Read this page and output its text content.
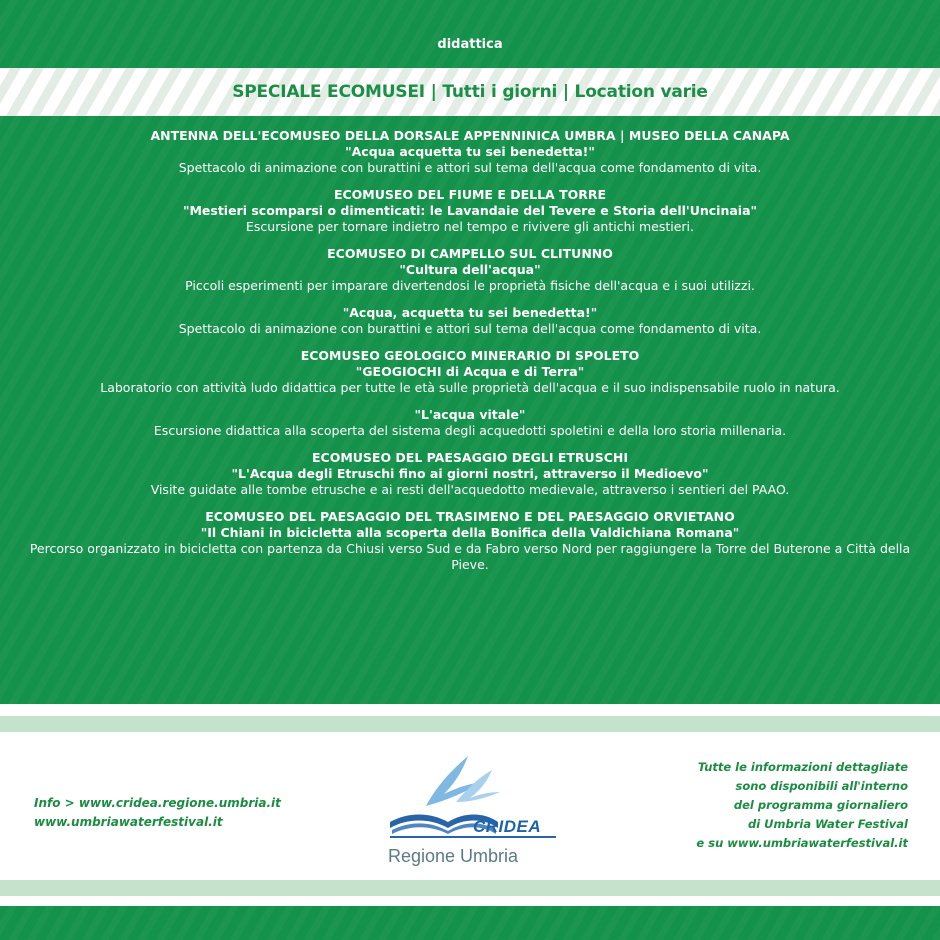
didattica
SPECIALE ECOMUSEI | Tutti i giorni | Location varie
ANTENNA DELL'ECOMUSEO DELLA DORSALE APPENNINICA UMBRA | MUSEO DELLA CANAPA
"Acqua acquetta tu sei benedetta!"
Spettacolo di animazione con burattini e attori sul tema dell'acqua come fondamento di vita.
ECOMUSEO DEL FIUME E DELLA TORRE
"Mestieri scomparsi o dimenticati: le Lavandaie del Tevere e Storia dell'Uncinaia"
Escursione per tornare indietro nel tempo e rivivere gli antichi mestieri.
ECOMUSEO DI CAMPELLO SUL CLITUNNO
"Cultura dell'acqua"
Piccoli esperimenti per imparare divertendosi le proprietà fisiche dell'acqua e i suoi utilizzi.
"Acqua, acquetta tu sei benedetta!"
Spettacolo di animazione con burattini e attori sul tema dell'acqua come fondamento di vita.
ECOMUSEO GEOLOGICO MINERARIO DI SPOLETO
"GEOGIOCHI di Acqua e di Terra"
Laboratorio con attività ludo didattica per tutte le età sulle proprietà dell'acqua e il suo indispensabile ruolo in natura.
"L'acqua vitale"
Escursione didattica alla scoperta del sistema degli acquedotti spoletini e della loro storia millenaria.
ECOMUSEO DEL PAESAGGIO DEGLI ETRUSCHI
"L'Acqua degli Etruschi fino ai giorni nostri, attraverso il Medioevo"
Visite guidate alle tombe etrusche e ai resti dell'acquedotto medievale, attraverso i sentieri del PAAO.
ECOMUSEO DEL PAESAGGIO DEL TRASIMENO E DEL PAESAGGIO ORVIETANO
"Il Chiani in bicicletta alla scoperta della Bonifica della Valdichiana Romana"
Percorso organizzato in bicicletta con partenza da Chiusi verso Sud e da Fabro verso Nord per raggiungere la Torre del Buterone a Città della Pieve.
Info > www.cridea.regione.umbria.it
www.umbriawaterfestival.it	CRIDEA
Regione Umbria
Tutte le informazioni dettagliate
sono disponibili all'interno
del programma giornaliero
di Umbria Water Festival
e su www.umbriawaterfestival.it
